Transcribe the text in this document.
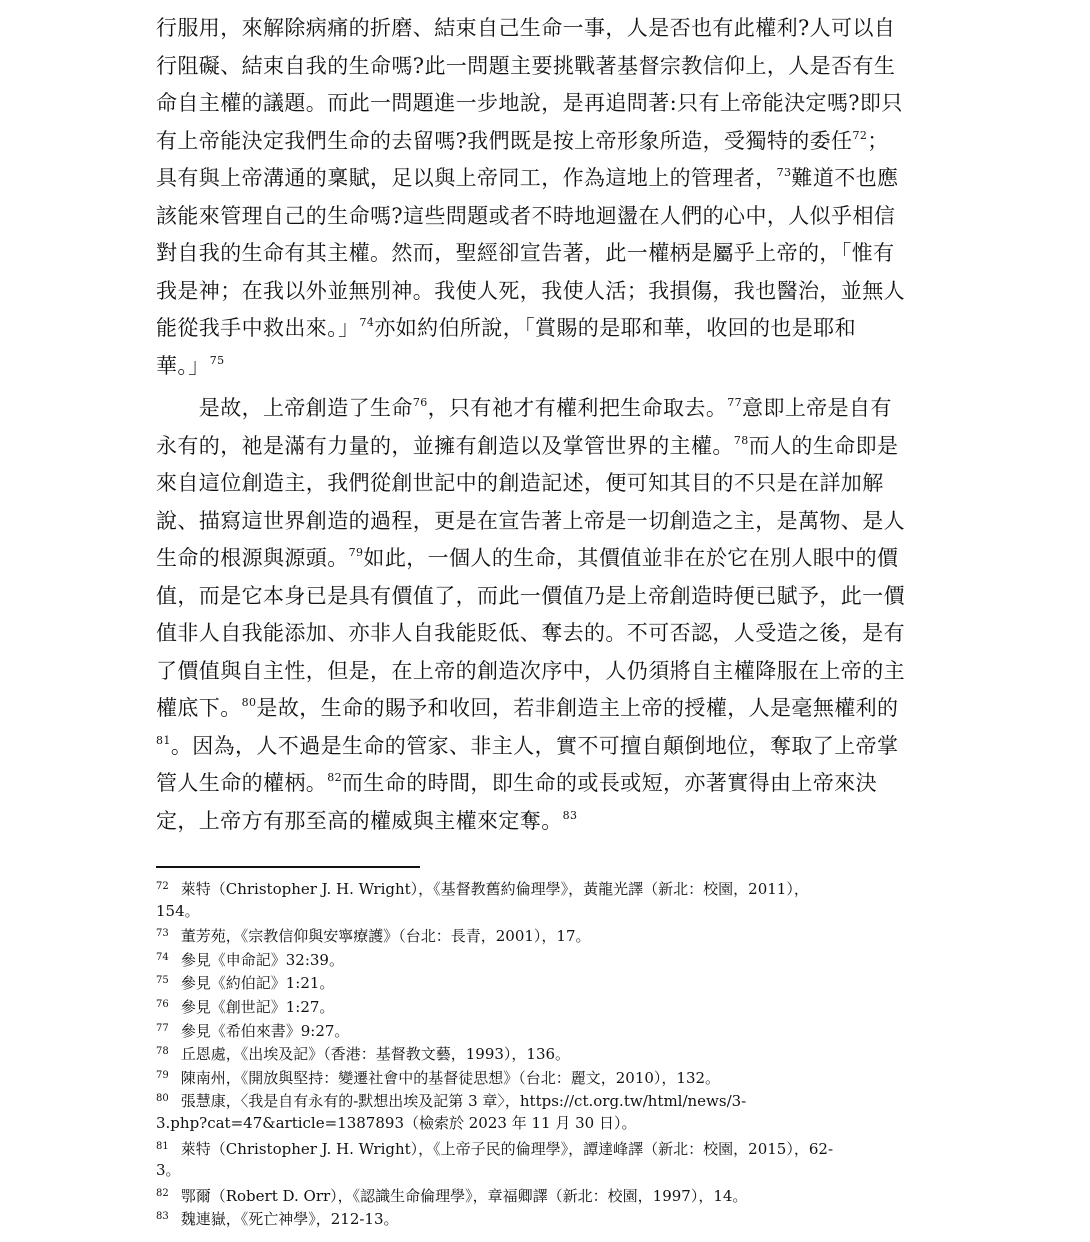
行服用，來解除病痛的折磨、結束自己生命一事，人是否也有此權利?人可以自
行阻礙、結束自我的生命嗎?此一問題主要挑戰著基督宗教信仰上，人是否有生
命自主權的議題。而此一問題進一步地說，是再追問著:只有上帝能決定嗎?即只
有上帝能決定我們生命的去留嗎?我們既是按上帝形象所造，受獨特的委任$^{72}$；
具有與上帝溝通的稟賦，足以與上帝同工，作為這地上的管理者，$^{73}$難道不也應
該能來管理自己的生命嗎?這些問題或者不時地迴盪在人們的心中，人似乎相信
對自我的生命有其主權。然而，聖經卻宣告著，此一權柄是屬乎上帝的，「惟有
我是神；在我以外並無別神。我使人死，我使人活；我損傷，我也醫治，並無人
能從我手中救出來。」$^{74}$亦如約伯所說，「賞賜的是耶和華，收回的也是耶和
華。」$^{75}$
　　是故，上帝創造了生命$^{76}$，只有祂才有權利把生命取去。$^{77}$意即上帝是自有
永有的，祂是滿有力量的，並擁有創造以及掌管世界的主權。$^{78}$而人的生命即是
來自這位創造主，我們從創世記中的創造記述，便可知其目的不只是在詳加解
說、描寫這世界創造的過程，更是在宣告著上帝是一切創造之主，是萬物、是人
生命的根源與源頭。$^{79}$如此，一個人的生命，其價值並非在於它在別人眼中的價
值，而是它本身已是具有價值了，而此一價值乃是上帝創造時便已賦予，此一價
值非人自我能添加、亦非人自我能貶低、奪去的。不可否認，人受造之後，是有
了價值與自主性，但是，在上帝的創造次序中，人仍須將自主權降服在上帝的主
權底下。$^{80}$是故，生命的賜予和收回，若非創造主上帝的授權，人是毫無權利的
$^{81}$。因為，人不過是生命的管家、非主人，實不可擅自顛倒地位，奪取了上帝掌
管人生命的權柄。$^{82}$而生命的時間，即生命的或長或短，亦著實得由上帝來決
定，上帝方有那至高的權威與主權來定奪。$^{83}$
$^{72}$ 萊特（Christopher J. H. Wright），《基督教舊約倫理學》，黃龍光譯（新北：校園，2011），
154。
$^{73}$ 董芳苑，《宗教信仰與安寧療護》（台北：長青，2001），17。
$^{74}$ 參見《申命記》32:39。
$^{75}$ 參見《約伯記》1:21。
$^{76}$ 參見《創世記》1:27。
$^{77}$ 參見《希伯來書》9:27。
$^{78}$ 丘恩處，《出埃及記》（香港：基督教文藝，1993），136。
$^{79}$ 陳南州，《開放與堅持：變遷社會中的基督徒思想》（台北：麗文，2010），132。
$^{80}$ 張慧康，〈我是自有永有的-默想出埃及記第 3 章〉，https://ct.org.tw/html/news/3-
3.php?cat=47&article=1387893（檢索於 2023 年 11 月 30 日）。
$^{81}$ 萊特（Christopher J. H. Wright），《上帝子民的倫理學》，譚達峰譯（新北：校園，2015），62-
3。
$^{82}$ 鄂爾（Robert D. Orr），《認識生命倫理學》，章福卿譯（新北：校園，1997），14。
$^{83}$ 魏連嶽，《死亡神學》，212-13。
